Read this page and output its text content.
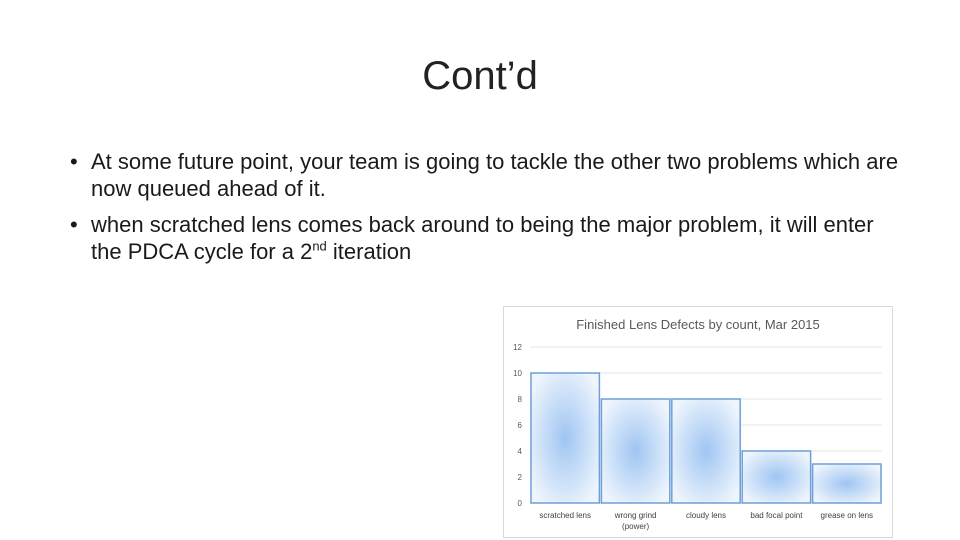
Cont’d
• At some future point, your team is going to tackle the other two problems which are now queued ahead of it.
• when scratched lens comes back around to being the major problem, it will enter the PDCA cycle for a 2nd iteration
Finished Lens Defects by count, Mar 2015
0
2
4
6
8
10
12
scratched lens	wrong grind
(power)
cloudy lens	bad focal point grease on lens
